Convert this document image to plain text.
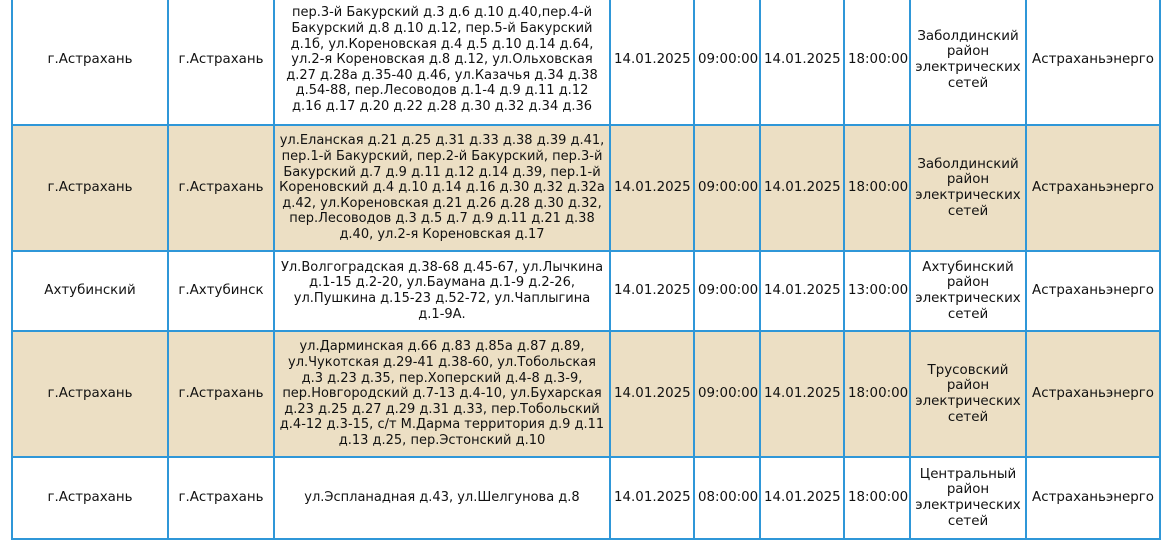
г.Астрахань	г.Астрахань	пер.3-й Бакурский д.3 д.6 д.10 д.40,пер.4-й Бакурский д.8 д.10 д.12, пер.5-й Бакурский д.1б, ул.Кореновская д.4 д.5 д.10 д.14 д.64, ул.2-я Кореновская д.8 д.12, ул.Ольховская д.27 д.28а д.35-40 д.46, ул.Казачья д.34 д.38 д.54-88, пер.Лесоводов д.1-4 д.9 д.11 д.12 д.16 д.17 д.20 д.22 д.28 д.30 д.32 д.34 д.36	14.01.2025	09:00:00	14.01.2025	18:00:00	Заболдинский район электрических сетей	Астраханьэнерго
г.Астрахань	г.Астрахань	ул.Еланская д.21 д.25 д.31 д.33 д.38 д.39 д.41, пер.1-й Бакурский, пер.2-й Бакурский, пер.3-й Бакурский д.7 д.9 д.11 д.12 д.14 д.39, пер.1-й Кореновский д.4 д.10 д.14 д.16 д.30 д.32 д.32а д.42, ул.Кореновская д.21 д.26 д.28 д.30 д.32, пер.Лесоводов д.3 д.5 д.7 д.9 д.11 д.21 д.38 д.40, ул.2-я Кореновская д.17	14.01.2025	09:00:00	14.01.2025	18:00:00	Заболдинский район электрических сетей	Астраханьэнерго
Ахтубинский	г.Ахтубинск	Ул.Волгоградская д.38-68 д.45-67, ул.Лычкина д.1-15 д.2-20, ул.Баумана д.1-9 д.2-26, ул.Пушкина д.15-23 д.52-72, ул.Чаплыгина д.1-9А.	14.01.2025	09:00:00	14.01.2025	13:00:00	Ахтубинский район электрических сетей	Астраханьэнерго
г.Астрахань	г.Астрахань	ул.Дарминская д.66 д.83 д.85а д.87 д.89, ул.Чукотская д.29-41 д.38-60, ул.Тобольская д.3 д.23 д.35, пер.Хоперский д.4-8 д.3-9, пер.Новгородский д.7-13 д.4-10, ул.Бухарская д.23 д.25 д.27 д.29 д.31 д.33, пер.Тобольский д.4-12 д.3-15, с/т М.Дарма территория д.9 д.11 д.13 д.25, пер.Эстонский д.10	14.01.2025	09:00:00	14.01.2025	18:00:00	Трусовский район электрических сетей	Астраханьэнерго
г.Астрахань	г.Астрахань	ул.Эспланадная д.43, ул.Шелгунова д.8	14.01.2025	08:00:00	14.01.2025	18:00:00	Центральный район электрических сетей	Астраханьэнерго
